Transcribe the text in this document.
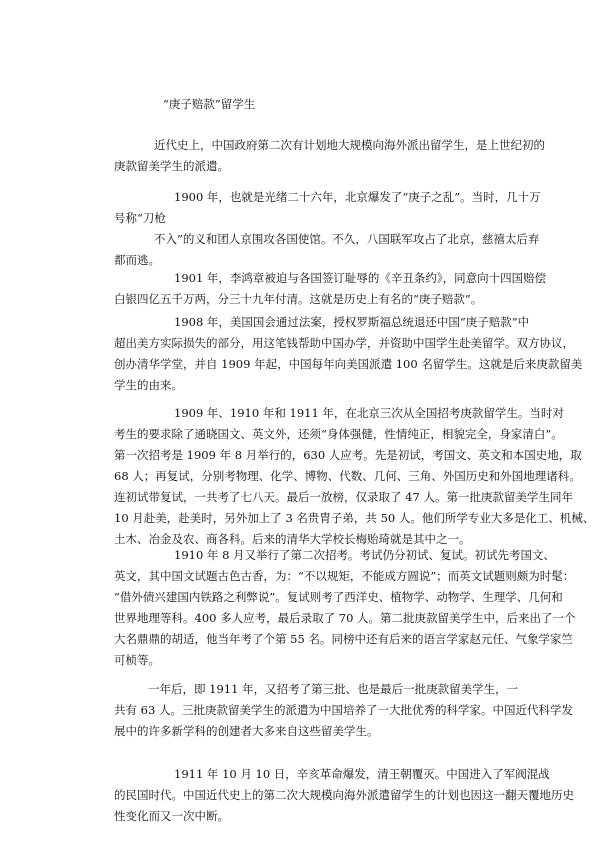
“庚子赔款”留学生
近代史上，中国政府第二次有计划地大规模向海外派出留学生，是上世纪初的
庚款留美学生的派遣。
1900 年，也就是光绪二十六年，北京爆发了“庚子之乱”。当时，几十万
号称“刀枪
不入”的义和团人京围攻各国使馆。不久，八国联军攻占了北京，慈禧太后弃
都而逃。
1901 年，李鸿章被迫与各国签订耻辱的《辛丑条约》，同意向十四国赔偿
白银四亿五千万两，分三十九年付清。这就是历史上有名的“庚子赔款”。
1908 年，美国国会通过法案，授权罗斯福总统退还中国“庚子赔款”中
超出美方实际损失的部分，用这笔钱帮助中国办学，并资助中国学生赴美留学。双方协议，
创办清华学堂，并自 1909 年起，中国每年向美国派遣 100 名留学生。这就是后来庚款留美
学生的由来。
1909 年、1910 年和 1911 年，在北京三次从全国招考庚款留学生。当时对
考生的要求除了通晓国文、英文外，还须“身体强健，性情纯正，相貌完全，身家清白”。
第一次招考是 1909 年 8 月举行的，630 人应考。先是初试，考国文、英文和本国史地，取
68 人；再复试，分别考物理、化学、博物、代数、几何、三角、外国历史和外国地理诸科。
连初试带复试，一共考了七八天。最后一放榜，仅录取了 47 人。第一批庚款留美学生同年
10 月赴美，赴美时，另外加上了 3 名贵胄子弟，共 50 人。他们所学专业大多是化工、机械、
土木、冶金及农、商各科。后来的清华大学校长梅贻琦就是其中之一。
1910 年 8 月又举行了第二次招考。考试仍分初试、复试。初试先考国文、
英文，其中国文试题古色古香，为：“不以规矩，不能成方圆说”；而英文试题则颇为时髦：
“借外债兴建国内铁路之利弊说”。复试则考了西洋史、植物学、动物学、生理学、几何和
世界地理等科。400 多人应考，最后录取了 70 人。第二批庚款留美学生中，后来出了一个
大名鼎鼎的胡适，他当年考了个第 55 名。同榜中还有后来的语言学家赵元任、气象学家竺
可桢等。
一年后，即 1911 年，又招考了第三批、也是最后一批庚款留美学生，一
共有 63 人。三批庚款留美学生的派遣为中国培养了一大批优秀的科学家。中国近代科学发
展中的许多新学科的创建者大多来自这些留美学生。
1911 年 10 月 10 日，辛亥革命爆发，清王朝覆灭。中国进入了军阀混战
的民国时代。中国近代史上的第二次大规模向海外派遣留学生的计划也因这一翻天覆地历史
性变化而又一次中断。
